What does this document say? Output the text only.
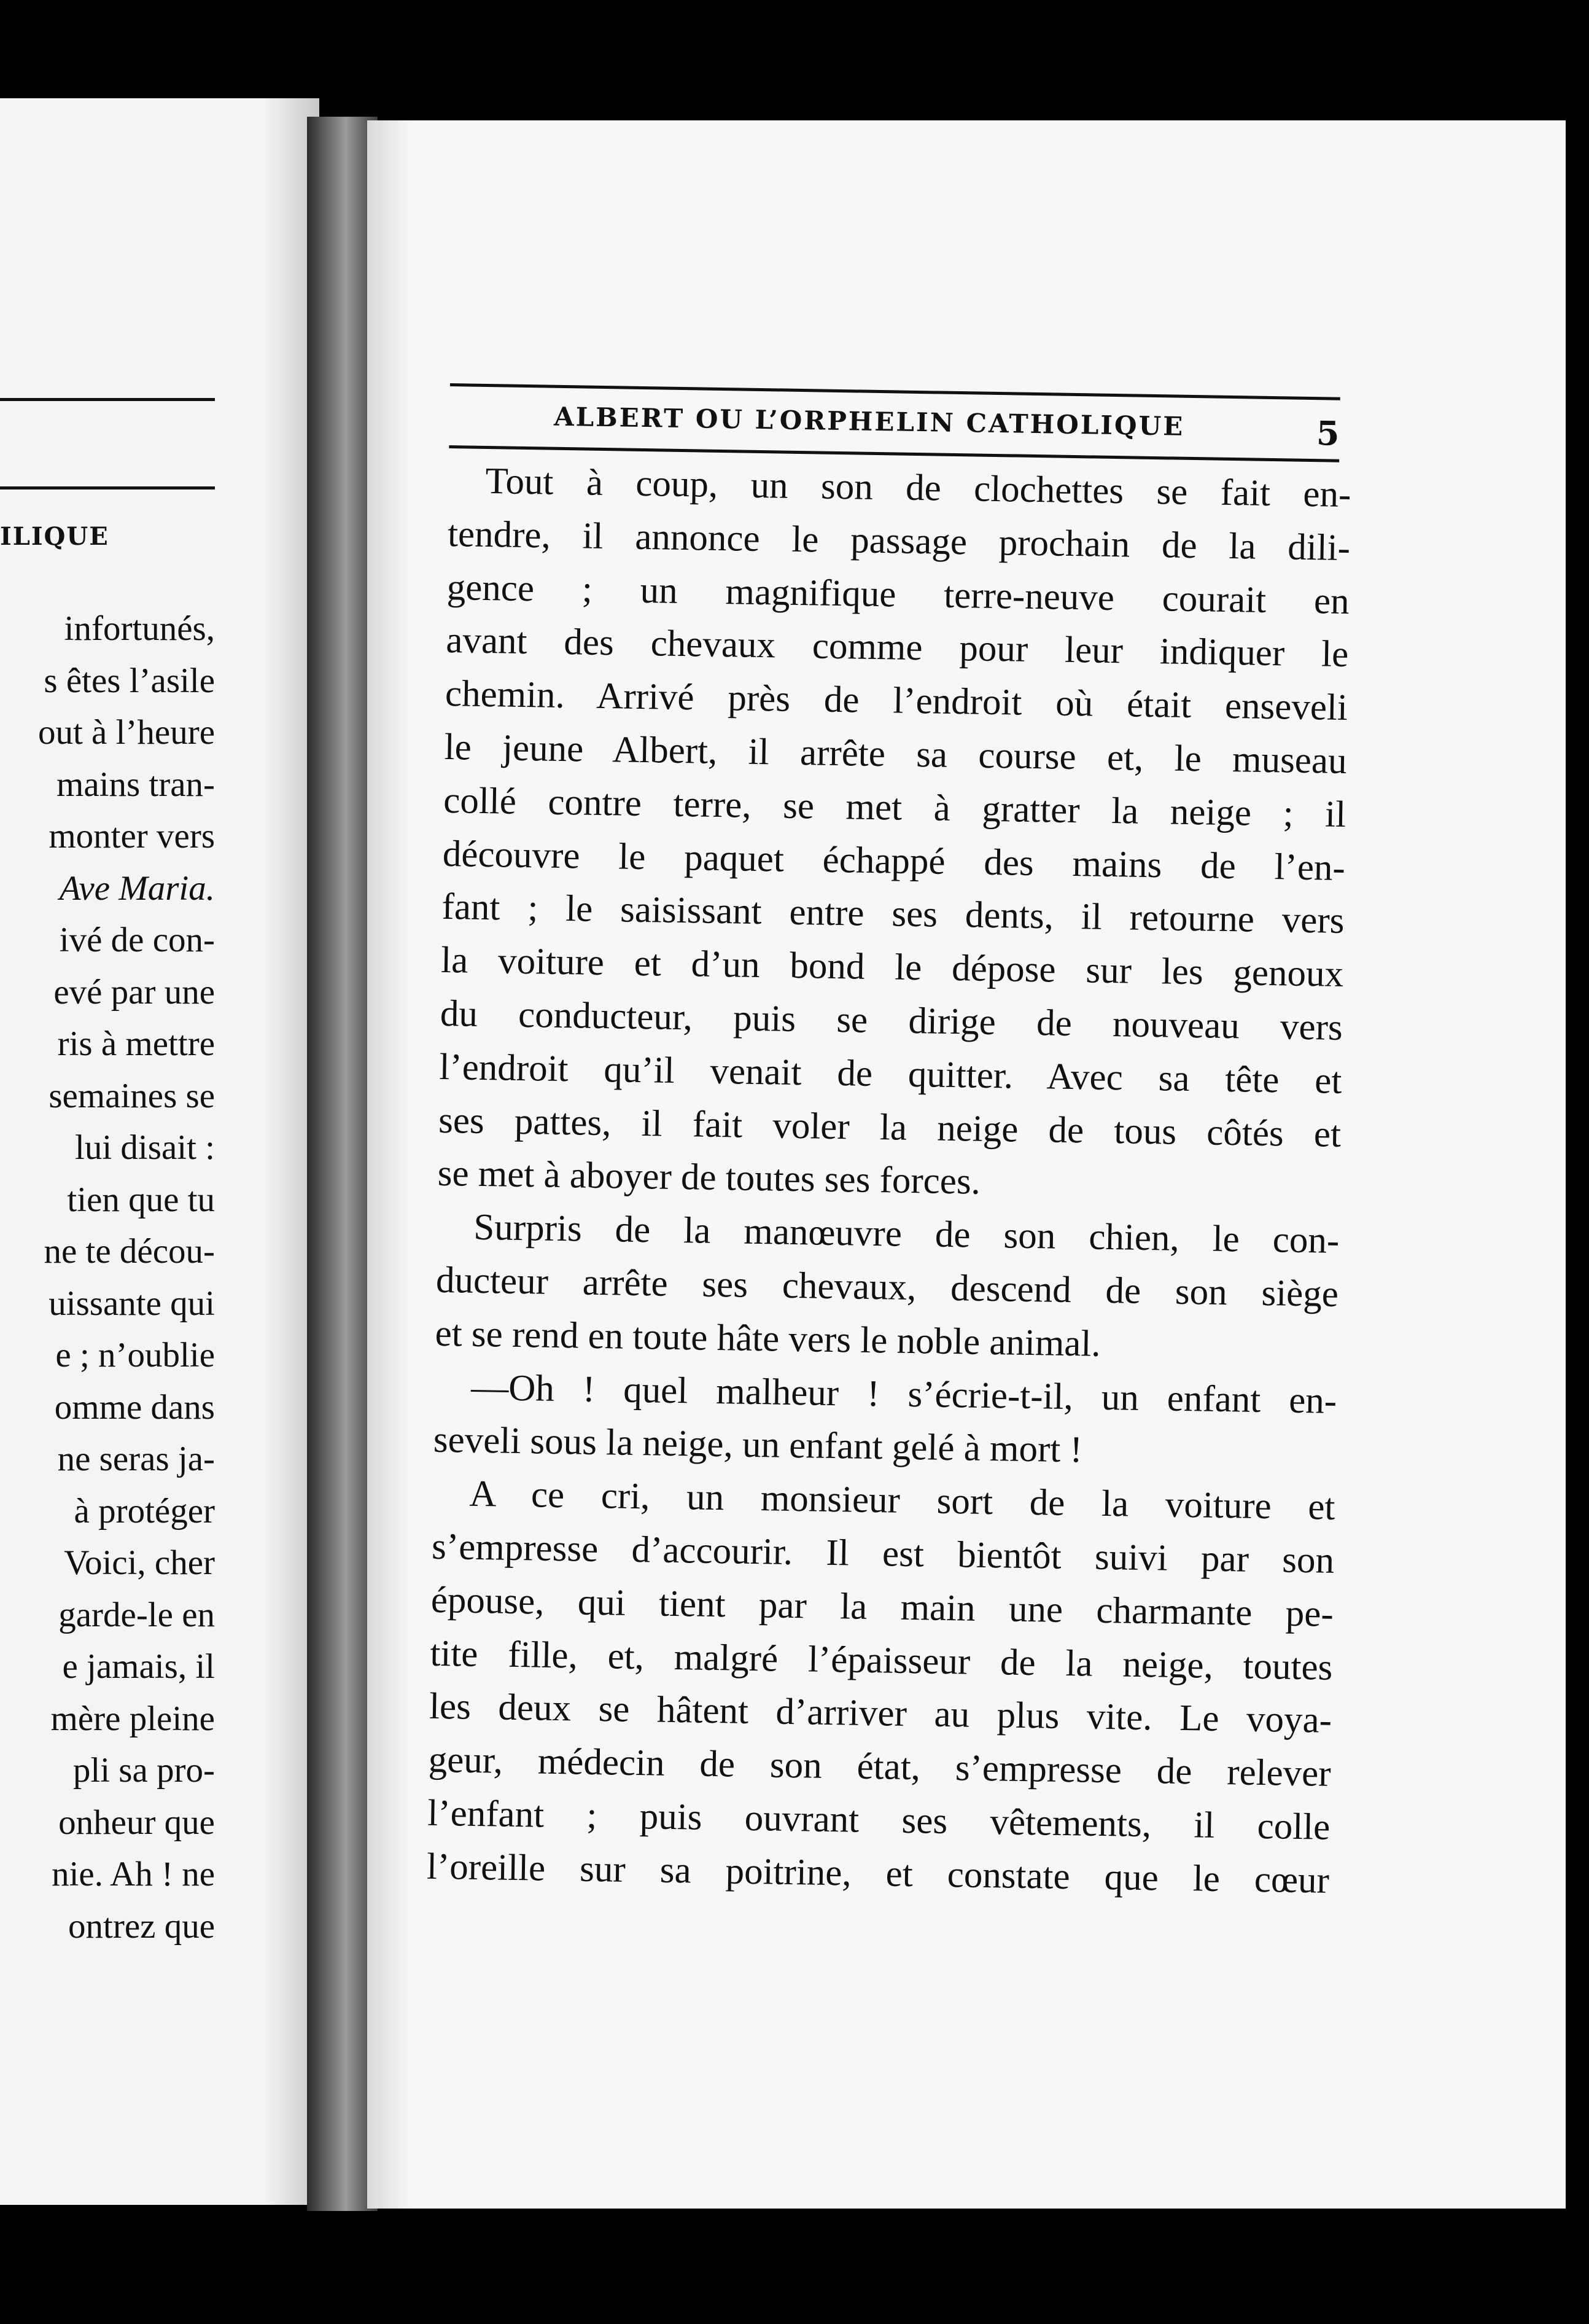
ILIQUE
infortunés,
s êtes l’asile
out à l’heure
mains tran-
monter vers
Ave Maria.
ivé de con-
evé par une
ris à mettre
semaines se
lui disait :
tien que tu
ne te décou-
uissante qui
e ; n’oublie
omme dans
ne seras ja-
à protéger
Voici, cher
garde-le en
e jamais, il
mère pleine
pli sa pro-
onheur que
nie. Ah ! ne
ontrez que
ALBERT OU L’ORPHELIN CATHOLIQUE	5
Tout à coup, un son de clochettes se fait en-
tendre, il annonce le passage prochain de la dili-
gence ; un magnifique terre-neuve courait en
avant des chevaux comme pour leur indiquer le
chemin. Arrivé près de l’endroit où était enseveli
le jeune Albert, il arrête sa course et, le museau
collé contre terre, se met à gratter la neige ; il
découvre le paquet échappé des mains de l’en-
fant ; le saisissant entre ses dents, il retourne vers
la voiture et d’un bond le dépose sur les genoux
du conducteur, puis se dirige de nouveau vers
l’endroit qu’il venait de quitter. Avec sa tête et
ses pattes, il fait voler la neige de tous côtés et
se met à aboyer de toutes ses forces.
Surpris de la manœuvre de son chien, le con-
ducteur arrête ses chevaux, descend de son siège
et se rend en toute hâte vers le noble animal.
—Oh ! quel malheur ! s’écrie-t-il, un enfant en-
seveli sous la neige, un enfant gelé à mort !
A ce cri, un monsieur sort de la voiture et
s’empresse d’accourir. Il est bientôt suivi par son
épouse, qui tient par la main une charmante pe-
tite fille, et, malgré l’épaisseur de la neige, toutes
les deux se hâtent d’arriver au plus vite. Le voya-
geur, médecin de son état, s’empresse de relever
l’enfant ; puis ouvrant ses vêtements, il colle
l’oreille sur sa poitrine, et constate que le cœur
